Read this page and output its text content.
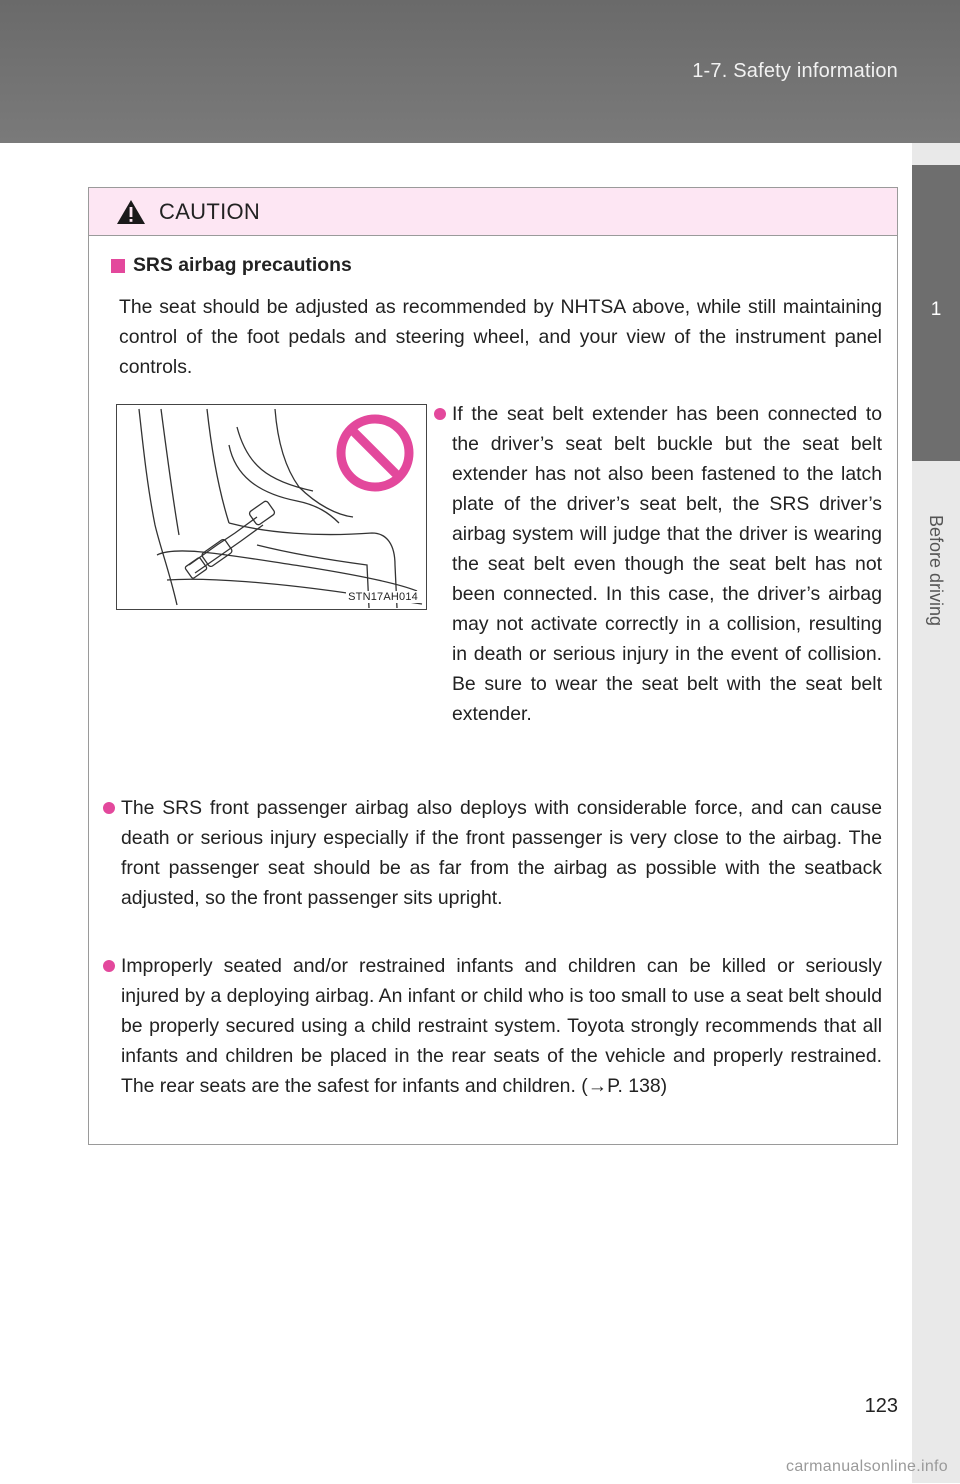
1-7. Safety information
1
Before driving
CAUTION
SRS airbag precautions
The seat should be adjusted as recommended by NHTSA above, while still maintaining control of the foot pedals and steering wheel, and your view of the instrument panel controls.
STN17AH014
If the seat belt extender has been connected to the driver’s seat belt buckle but the seat belt extender has not also been fastened to the latch plate of the driver’s seat belt, the SRS driver’s airbag system will judge that the driver is wearing the seat belt even though the seat belt has not been connected. In this case, the driver’s airbag may not activate correctly in a collision, resulting in death or serious injury in the event of collision. Be sure to wear the seat belt with the seat belt extender.
The SRS front passenger airbag also deploys with considerable force, and can cause death or serious injury especially if the front passenger is very close to the airbag. The front passenger seat should be as far from the airbag as possible with the seatback adjusted, so the front passenger sits upright.
Improperly seated and/or restrained infants and children can be killed or seriously injured by a deploying airbag. An infant or child who is too small to use a seat belt should be properly secured using a child restraint system. Toyota strongly recommends that all infants and children be placed in the rear seats of the vehicle and properly restrained. The rear seats are the safest for infants and children. (→P. 138)
123
carmanualsonline.info
